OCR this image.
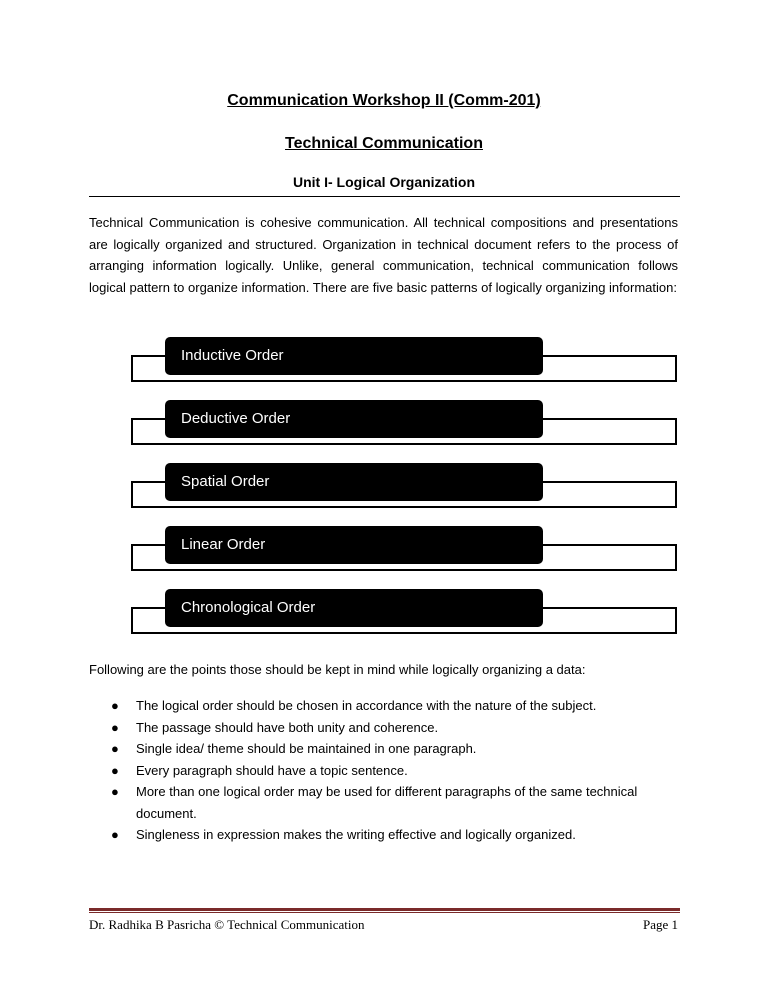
Communication Workshop II (Comm-201)
Technical Communication
Unit I- Logical Organization

Technical Communication is cohesive communication. All technical compositions and presentations are logically organized and structured. Organization in technical document refers to the process of arranging information logically. Unlike, general communication, technical communication follows logical pattern to organize information. There are five basic patterns of logically organizing information:

Inductive Order
Deductive Order
Spatial Order
Linear Order
Chronological Order

Following are the points those should be kept in mind while logically organizing a data:

● The logical order should be chosen in accordance with the nature of the subject.
● The passage should have both unity and coherence.
● Single idea/ theme should be maintained in one paragraph.
● Every paragraph should have a topic sentence.
● More than one logical order may be used for different paragraphs of the same technical document.
● Singleness in expression makes the writing effective and logically organized.
Dr. Radhika B Pasricha © Technical Communication	Page 1
